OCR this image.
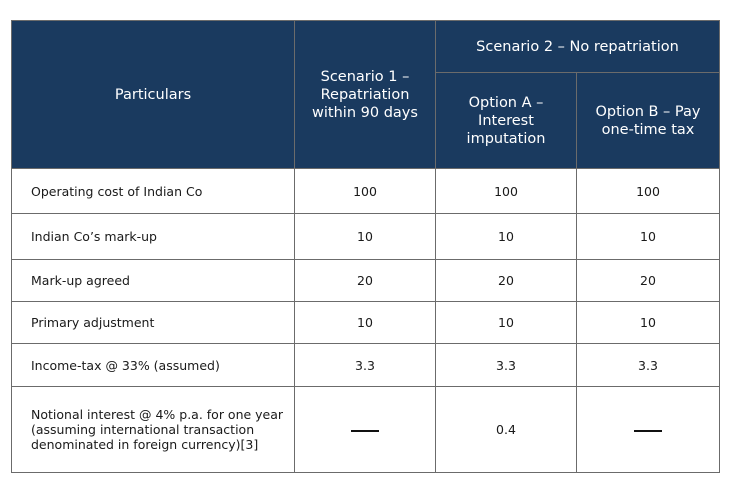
Particulars	Scenario 1 – Repatriation within 90 days	Scenario 2 – No repatriation	
		Option A – Interest imputation	Option B – Pay one-time tax
Operating cost of Indian Co	100	100	100
Indian Co’s mark-up	10	10	10
Mark-up agreed	20	20	20
Primary adjustment	10	10	10
Income-tax @ 33% (assumed)	3.3	3.3	3.3
Notional interest @ 4% p.a. for one year (assuming international transaction denominated in foreign currency)[3]		0.4	
